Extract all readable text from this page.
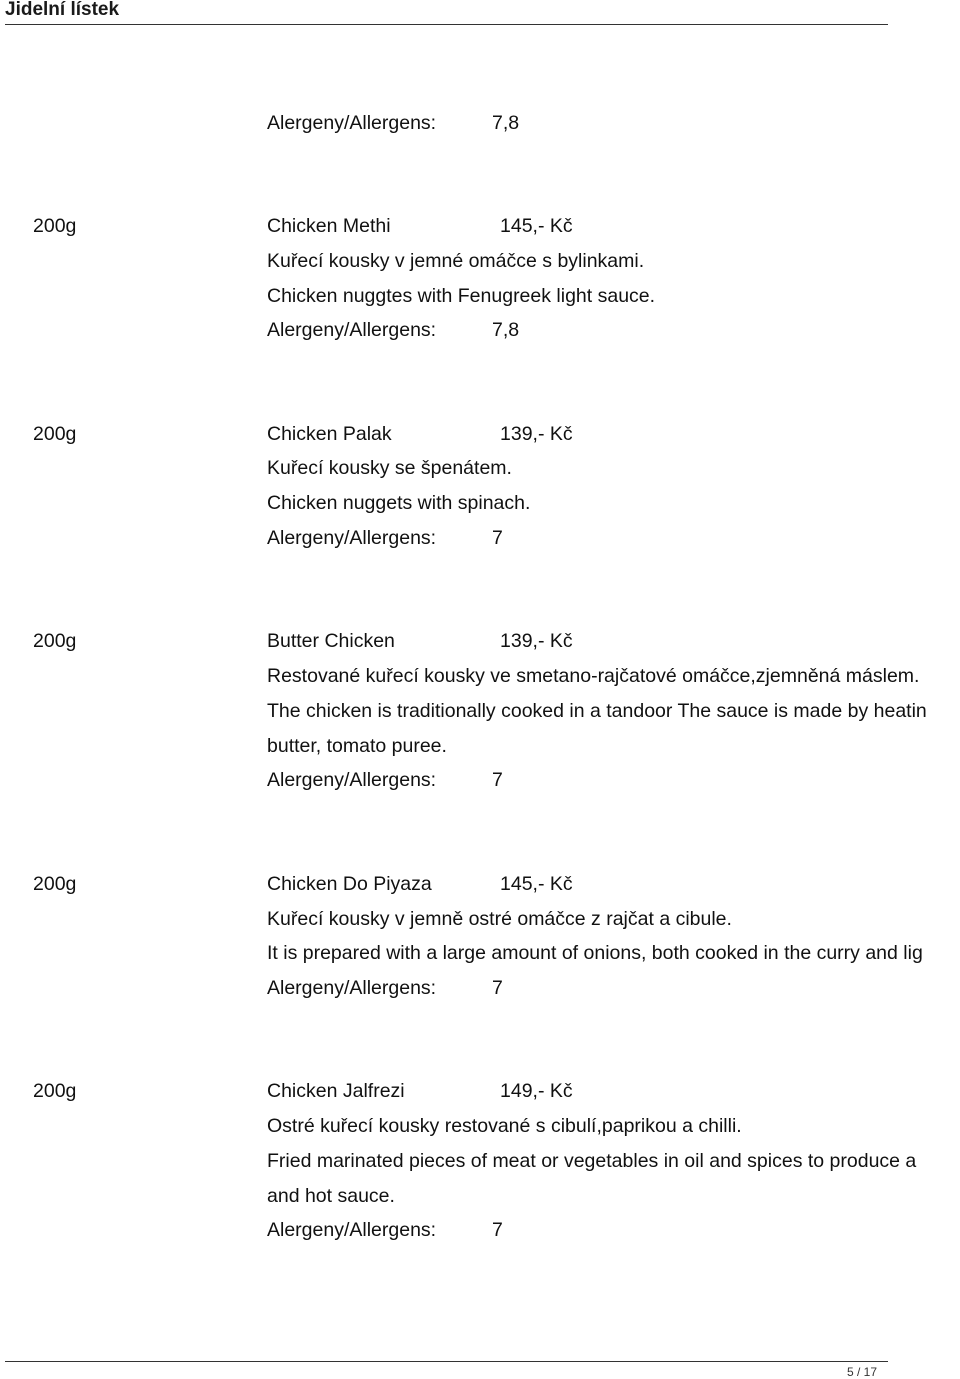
Jidelní lístek
Alergeny/Allergens:	7,8
200g	Chicken Methi	145,- Kč
Kuřecí kousky v jemné omáčce s bylinkami.
Chicken nuggtes with Fenugreek light sauce.
Alergeny/Allergens:	7,8
200g	Chicken Palak	139,- Kč
Kuřecí kousky se špenátem.
Chicken nuggets with spinach.
Alergeny/Allergens:	7
200g	Butter Chicken	139,- Kč
Restované kuřecí kousky ve smetano-rajčatové omáčce,zjemněná máslem.
The chicken is traditionally cooked in a tandoor The sauce is made by heatin
butter, tomato puree.
Alergeny/Allergens:	7
200g	Chicken Do Piyaza	145,- Kč
Kuřecí kousky v jemně ostré omáčce z rajčat a cibule.
It is prepared with a large amount of onions, both cooked in the curry and lig
Alergeny/Allergens:	7
200g	Chicken Jalfrezi	149,- Kč
Ostré kuřecí kousky restované s cibulí,paprikou a chilli.
Fried marinated pieces of meat or vegetables in oil and spices to produce a
and hot sauce.
Alergeny/Allergens:	7
5 / 17
